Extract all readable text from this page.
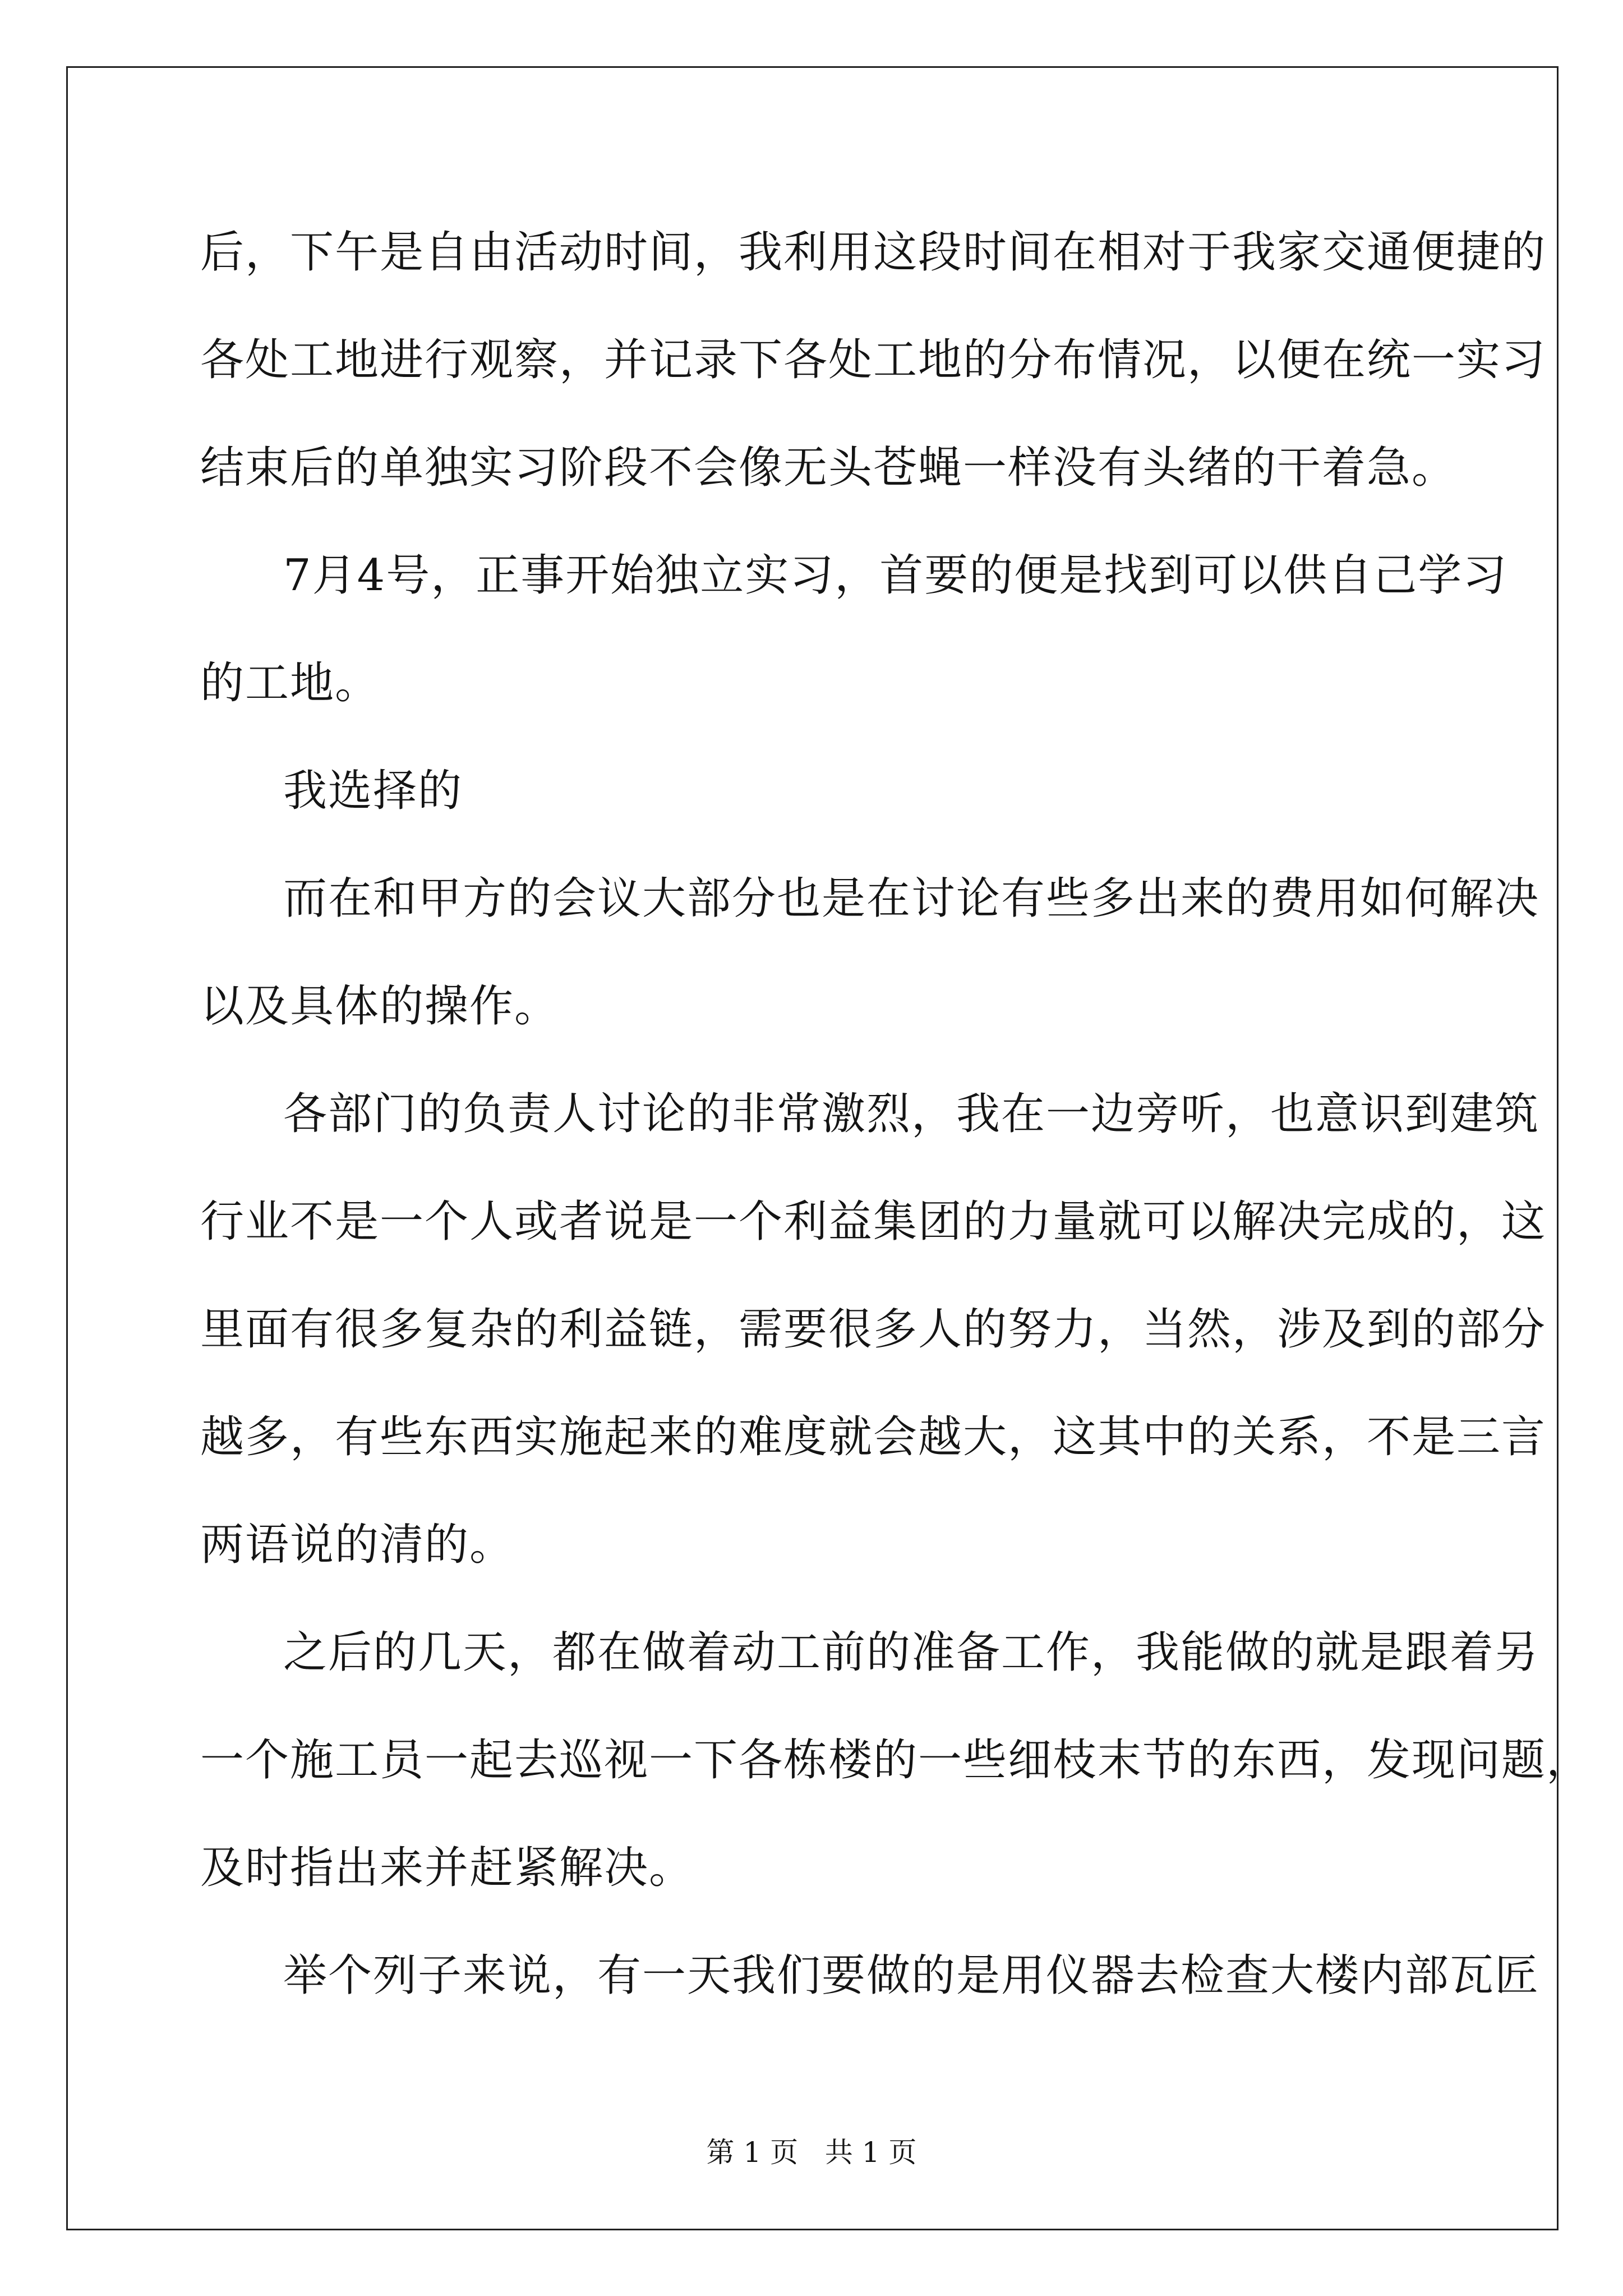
后，下午是自由活动时间，我利用这段时间在相对于我家交通便捷的
各处工地进行观察，并记录下各处工地的分布情况，以便在统一实习
结束后的单独实习阶段不会像无头苍蝇一样没有头绪的干着急。
7月4号，正事开始独立实习，首要的便是找到可以供自己学习
的工地。
我选择的
而在和甲方的会议大部分也是在讨论有些多出来的费用如何解决
以及具体的操作。
各部门的负责人讨论的非常激烈，我在一边旁听，也意识到建筑
行业不是一个人或者说是一个利益集团的力量就可以解决完成的，这
里面有很多复杂的利益链，需要很多人的努力，当然，涉及到的部分
越多，有些东西实施起来的难度就会越大，这其中的关系，不是三言
两语说的清的。
之后的几天，都在做着动工前的准备工作，我能做的就是跟着另
一个施工员一起去巡视一下各栋楼的一些细枝末节的东西，发现问题，
及时指出来并赶紧解决。
举个列子来说，有一天我们要做的是用仪器去检查大楼内部瓦匠
第 1 页   共 1 页
